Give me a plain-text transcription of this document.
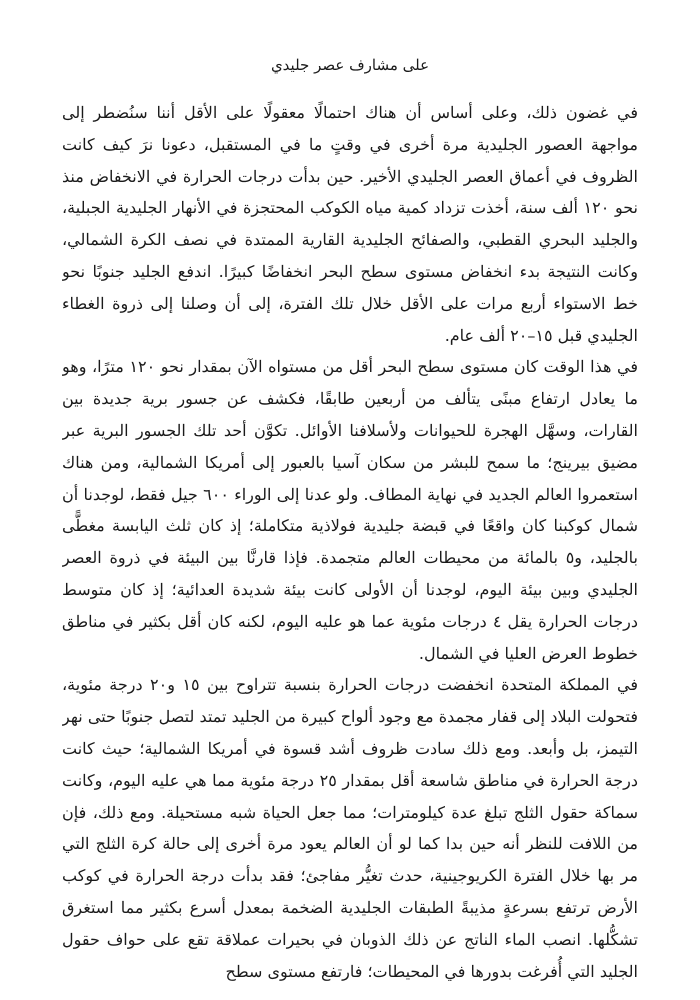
على مشارف عصر جليدي

في غضون ذلك، وعلى أساس أن هناك احتمالًا معقولًا على الأقل أننا سنُضطر إلى مواجهة العصور الجليدية مرة أخرى في وقتٍ ما في المستقبل، دعونا نرَ كيف كانت الظروف في أعماق العصر الجليدي الأخير. حين بدأت درجات الحرارة في الانخفاض منذ نحو ١٢٠ ألف سنة، أخذت تزداد كمية مياه الكوكب المحتجزة في الأنهار الجليدية الجبلية، والجليد البحري القطبي، والصفائح الجليدية القارية الممتدة في نصف الكرة الشمالي، وكانت النتيجة بدء انخفاض مستوى سطح البحر انخفاضًا كبيرًا. اندفع الجليد جنوبًا نحو خط الاستواء أربع مرات على الأقل خلال تلك الفترة، إلى أن وصلنا إلى ذروة الغطاء الجليدي قبل ١٥–٢٠ ألف عام.

في هذا الوقت كان مستوى سطح البحر أقل من مستواه الآن بمقدار نحو ١٢٠ مترًا، وهو ما يعادل ارتفاع مبنًى يتألف من أربعين طابقًا، فكشف عن جسور برية جديدة بين القارات، وسهَّل الهجرة للحيوانات ولأسلافنا الأوائل. تكوَّن أحد تلك الجسور البرية عبر مضيق بيرينج؛ ما سمح للبشر من سكان آسيا بالعبور إلى أمريكا الشمالية، ومن هناك استعمروا العالم الجديد في نهاية المطاف. ولو عدنا إلى الوراء ٦٠٠ جيل فقط، لوجدنا أن شمال كوكبنا كان واقعًا في قبضة جليدية فولاذية متكاملة؛ إذ كان ثلث اليابسة مغطًّى بالجليد، و٥ بالمائة من محيطات العالم متجمدة. فإذا قارنَّا بين البيئة في ذروة العصر الجليدي وبين بيئة اليوم، لوجدنا أن الأولى كانت بيئة شديدة العدائية؛ إذ كان متوسط درجات الحرارة يقل ٤ درجات مئوية عما هو عليه اليوم، لكنه كان أقل بكثير في مناطق خطوط العرض العليا في الشمال.

في المملكة المتحدة انخفضت درجات الحرارة بنسبة تتراوح بين ١٥ و٢٠ درجة مئوية، فتحولت البلاد إلى قفار مجمدة مع وجود ألواح كبيرة من الجليد تمتد لتصل جنوبًا حتى نهر التيمز، بل وأبعد. ومع ذلك سادت ظروف أشد قسوة في أمريكا الشمالية؛ حيث كانت درجة الحرارة في مناطق شاسعة أقل بمقدار ٢٥ درجة مئوية مما هي عليه اليوم، وكانت سماكة حقول الثلج تبلغ عدة كيلومترات؛ مما جعل الحياة شبه مستحيلة. ومع ذلك، فإن من اللافت للنظر أنه حين بدا كما لو أن العالم يعود مرة أخرى إلى حالة كرة الثلج التي مر بها خلال الفترة الكريوجينية، حدث تغيُّر مفاجئ؛ فقد بدأت درجة الحرارة في كوكب الأرض ترتفع بسرعةٍ مذيبةً الطبقات الجليدية الضخمة بمعدل أسرع بكثير مما استغرق تشكُّلها. انصب الماء الناتج عن ذلك الذوبان في بحيرات عملاقة تقع على حواف حقول الجليد التي أُفرغت بدورها في المحيطات؛ فارتفع مستوى سطح
